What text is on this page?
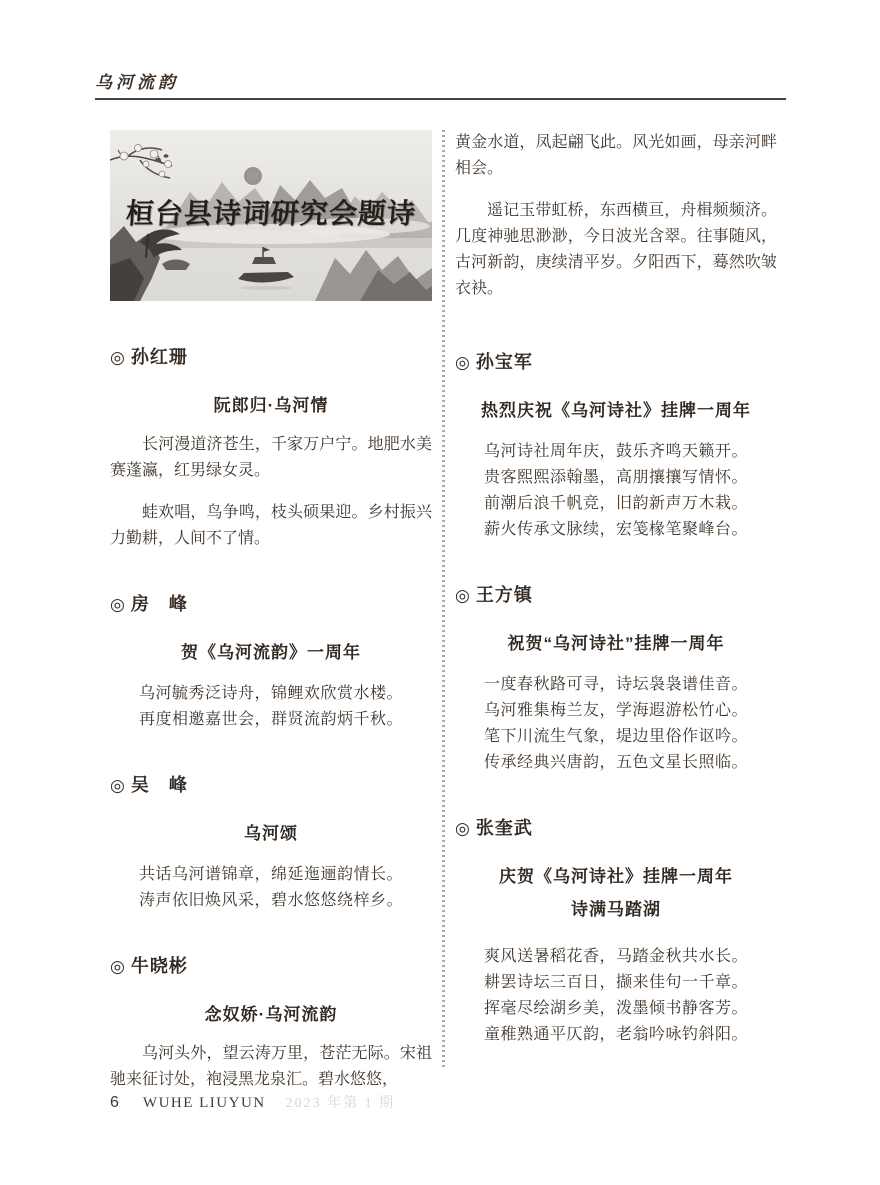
乌河流韵
桓台县诗词研究会题诗
◎ 孙红珊
阮郎归·乌河情

长河漫道济苍生，千家万户宁。地肥水美赛蓬瀛，红男绿女灵。

蛙欢唱，鸟争鸣，枝头硕果迎。乡村振兴力勤耕，人间不了情。

◎ 房　峰
贺《乌河流韵》一周年
乌河毓秀泛诗舟，锦鲤欢欣赏水楼。
再度相邀嘉世会，群贤流韵炳千秋。
◎ 吴　峰
乌河颂
共话乌河谱锦章，绵延迤逦韵情长。
涛声依旧焕风采，碧水悠悠绕梓乡。
◎ 牛晓彬
念奴娇·乌河流韵

乌河头外，望云涛万里，苍茫无际。宋祖驰来征讨处，袍浸黑龙泉汇。碧水悠悠，

黄金水道，凤起翩飞此。风光如画，母亲河畔相会。

遥记玉带虹桥，东西横亘，舟楫频频济。几度神驰思渺渺，今日波光含翠。往事随风，古河新韵，庚续清平岁。夕阳西下，蓦然吹皱衣袂。

◎ 孙宝军
热烈庆祝《乌河诗社》挂牌一周年
乌河诗社周年庆，鼓乐齐鸣天籁开。
贵客熙熙添翰墨，高朋攘攘写情怀。
前潮后浪千帆竞，旧韵新声万木栽。
薪火传承文脉续，宏笺椽笔聚峰台。
◎ 王方镇
祝贺“乌河诗社”挂牌一周年
一度春秋路可寻，诗坛袅袅谱佳音。
乌河雅集梅兰友，学海遐游松竹心。
笔下川流生气象，堤边里俗作讴吟。
传承经典兴唐韵，五色文星长照临。
◎ 张奎武
庆贺《乌河诗社》挂牌一周年
诗满马踏湖
爽风送暑稻花香，马踏金秋共水长。
耕罢诗坛三百日，撷来佳句一千章。
挥毫尽绘湖乡美，泼墨倾书静客芳。
童稚熟通平仄韵，老翁吟咏钓斜阳。
6 WUHE LIUYUN 2023 年第 1 期
